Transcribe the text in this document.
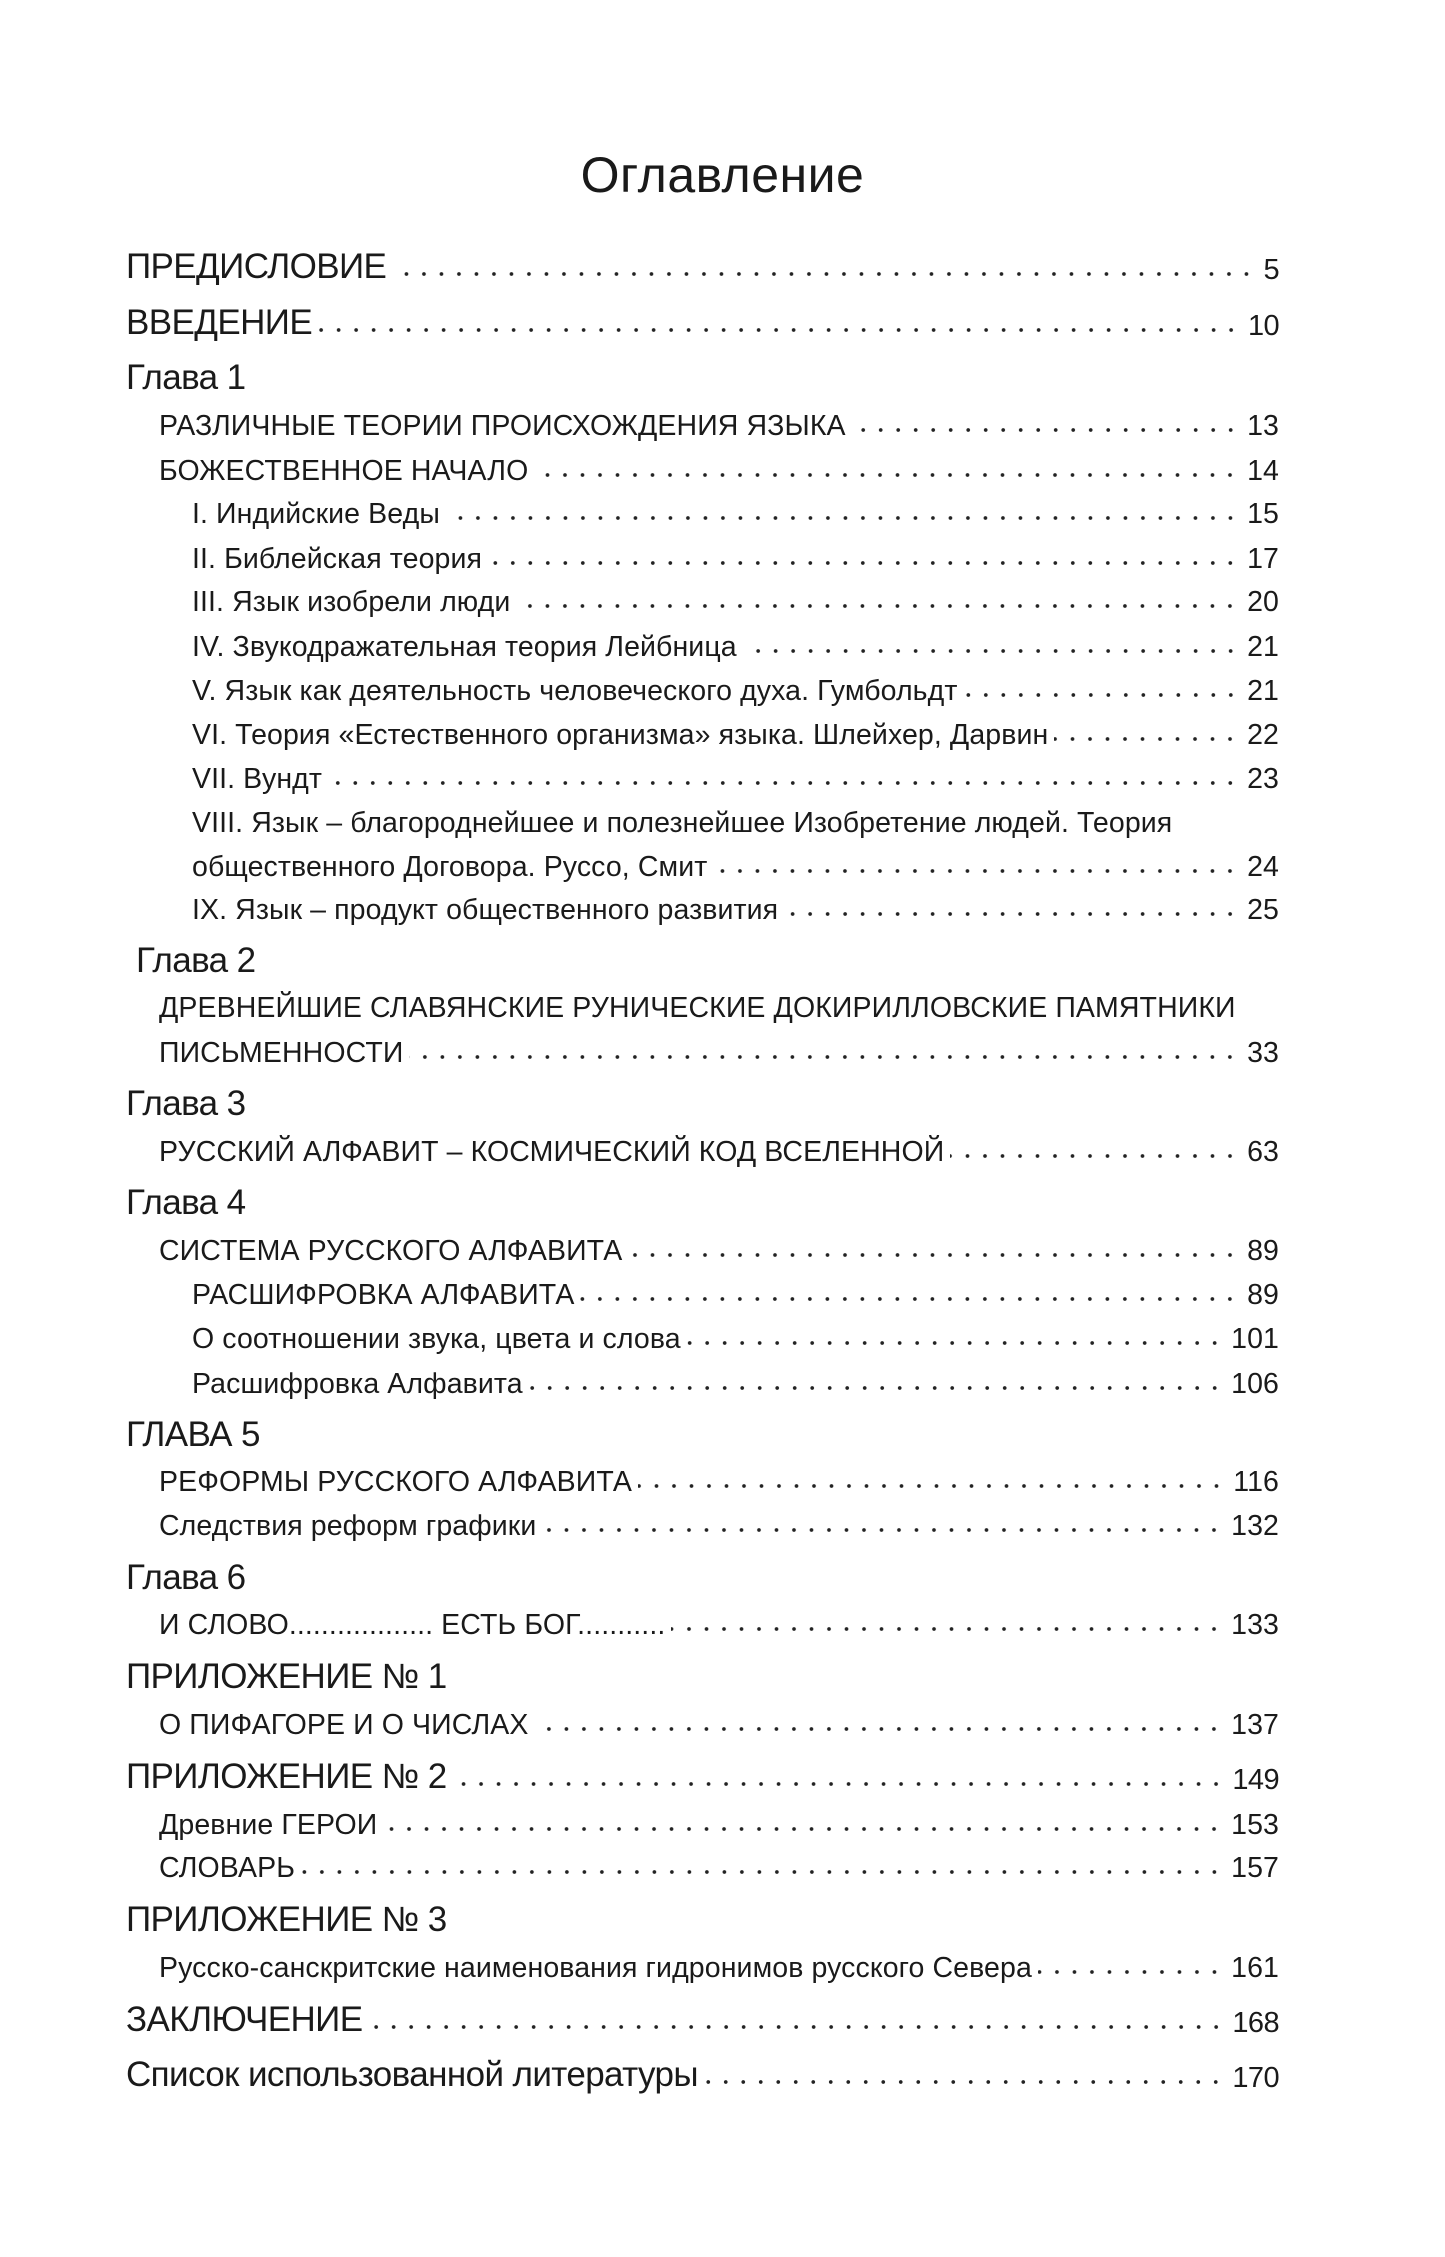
Оглавление
ПРЕДИСЛОВИЕ	5
ВВЕДЕНИЕ	10
Глава 1
РАЗЛИЧНЫЕ ТЕОРИИ ПРОИСХОЖДЕНИЯ ЯЗЫКА	13
БОЖЕСТВЕННОЕ НАЧАЛО	14
I. Индийские Веды	15
II. Библейская теория	17
III. Язык изобрели люди	20
IV. Звукодражательная теория Лейбница	21
V. Язык как деятельность человеческого духа. Гумбольдт	21
VI. Теория «Естественного организма» языка. Шлейхер, Дарвин	22
VII. Вундт	23
VIII. Язык – благороднейшее и полезнейшее Изобретение людей. Теория
общественного Договора. Руссо, Смит	24
IX. Язык – продукт общественного развития	25
Глава 2
ДРЕВНЕЙШИЕ СЛАВЯНСКИЕ РУНИЧЕСКИЕ ДОКИРИЛЛОВСКИЕ ПАМЯТНИКИ
ПИСЬМЕННОСТИ	33
Глава 3
РУССКИЙ АЛФАВИТ – КОСМИЧЕСКИЙ КОД ВСЕЛЕННОЙ	63
Глава 4
СИСТЕМА РУССКОГО АЛФАВИТА	89
РАСШИФРОВКА АЛФАВИТА	89
О соотношении звука, цвета и слова	101
Расшифровка Алфавита	106
ГЛАВА 5
РЕФОРМЫ РУССКОГО АЛФАВИТА	116
Следствия реформ графики	132
Глава 6
И СЛОВО.................. ЕСТЬ БОГ...........	133
ПРИЛОЖЕНИЕ № 1
О ПИФАГОРЕ И О ЧИСЛАХ	137
ПРИЛОЖЕНИЕ № 2	149
Древние ГЕРОИ	153
СЛОВАРЬ	157
ПРИЛОЖЕНИЕ № 3
Русско-санскритские наименования гидронимов русского Севера	161
ЗАКЛЮЧЕНИЕ	168
Список использованной литературы	170
